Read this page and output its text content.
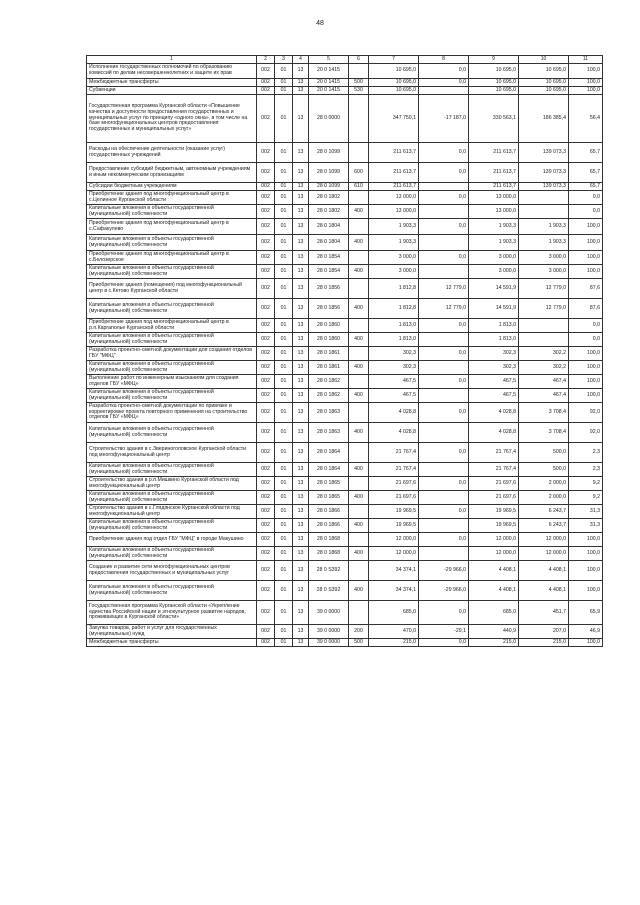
48
1	2	3	4	5	6	7	8	9	10	11
Исполнение государственных полномочий по образованию комиссий по делам несовершеннолетних и защите их прав	002	01	13	20 0 1415		10 695,0	0,0	10 695,0	10 695,0	100,0
Межбюджетные трансферты	002	01	13	20 0 1415	500	10 695,0	0,0	10 695,0	10 695,0	100,0
Субвенции	002	01	13	20 0 1415	530	10 695,0		10 695,0	10 695,0	100,0
Государственная программа Курганской области «Повышение качества и доступности предоставления государственных и муниципальных услуг по принципу «одного окна», в том числе на базе многофункциональных центров предоставления государственных и муниципальных услуг»	002	01	13	28 0 0000		347 750,1	-17 187,0	330 563,1	186 385,4	56,4
Расходы на обеспечение деятельности (оказание услуг) государственных учреждений	002	01	13	28 0 1099		211 613,7	0,0	211 613,7	139 073,3	65,7
Предоставление субсидий бюджетным, автономным учреждениям и иным некоммерческим организациям	002	01	13	28 0 1099	600	211 613,7	0,0	211 613,7	139 073,3	65,7
Субсидии бюджетным учреждениям	002	01	13	28 0 1099	610	211 613,7		211 613,7	139 073,3	65,7
Приобретение здания под многофункциональный центр в с.Целинное Курганской области	002	01	13	28 0 1802		13 000,0	0,0	13 000,0		0,0
Капитальные вложения в объекты государственной (муниципальной) собственности	002	01	13	28 0 1802	400	13 000,0		13 000,0		0,0
Приобретение здания под многофункциональный центр в с.Сафакулево	002	01	13	28 0 1804		1 903,3	0,0	1 903,3	1 903,3	100,0
Капитальные вложения в объекты государственной (муниципальной) собственности	002	01	13	28 0 1804	400	1 903,3		1 903,3	1 903,3	100,0
Приобретение здания под многофункциональный центр в с.Белозерское	002	01	13	28 0 1854		3 000,0	0,0	3 000,0	3 000,0	100,0
Капитальные вложения в объекты государственной (муниципальной) собственности	002	01	13	28 0 1854	400	3 000,0		3 000,0	3 000,0	100,0
Приобретение здания (помещения) под многофункциональный центр в с.Кетово Курганской области	002	01	13	28 0 1856		1 812,8	12 779,0	14 591,9	12 779,0	87,6
Капитальные вложения в объекты государственной (муниципальной) собственности	002	01	13	28 0 1856	400	1 812,8	12 779,0	14 591,9	12 779,0	87,6
Приобретение здания под многофункциональный центр в р.п.Каргаполье Курганской области	002	01	13	28 0 1860		1 813,0	0,0	1 813,0		0,0
Капитальные вложения в объекты государственной (муниципальной) собственности	002	01	13	28 0 1860	400	1 813,0		1 813,0		0,0
Разработка проектно-сметной документации для создания отделов ГБУ "МФЦ"	002	01	13	28 0 1861		302,3	0,0	302,3	302,2	100,0
Капитальные вложения в объекты государственной (муниципальной) собственности	002	01	13	28 0 1861	400	302,3		302,3	302,2	100,0
Выполнение работ по инженерным изысканиям для создания отделов ГБУ «МФЦ»	002	01	13	28 0 1862		467,5	0,0	467,5	467,4	100,0
Капитальные вложения в объекты государственной (муниципальной) собственности	002	01	13	28 0 1862	400	467,5		467,5	467,4	100,0
Разработка проектно-сметной документации по привязке и корректировке проекта повторного применения на строительство отделов ГБУ «МФЦ»	002	01	13	28 0 1863		4 028,8	0,0	4 028,8	3 708,4	92,0
Капитальные вложения в объекты государственной (муниципальной) собственности	002	01	13	28 0 1863	400	4 028,8		4 028,8	3 708,4	92,0
Строительство здания в с.Звериноголовское Курганской области под многофункциональный центр	002	01	13	28 0 1864		21 767,4	0,0	21 767,4	500,0	2,3
Капитальные вложения в объекты государственной (муниципальной) собственности	002	01	13	28 0 1864	400	21 767,4		21 767,4	500,0	2,3
Строительство здания в р.п.Мишкино Курганской области под многофункциональный центр	002	01	13	28 0 1865		21 697,6	0,0	21 697,6	2 000,0	9,2
Капитальные вложения в объекты государственной (муниципальной) собственности	002	01	13	28 0 1865	400	21 697,6		21 697,6	2 000,0	9,2
Строительство здания в с.Глядянское Курганской области под многофункциональный центр	002	01	13	28 0 1866		19 969,5	0,0	19 969,5	6 243,7	31,3
Капитальные вложения в объекты государственной (муниципальной) собственности	002	01	13	28 0 1866	400	19 969,5		19 969,5	6 243,7	31,3
Приобретение здания под отдел ГБУ "МФЦ" в городе Макушино	002	01	13	28 0 1868		12 000,0	0,0	12 000,0	12 000,0	100,0
Капитальные вложения в объекты государственной (муниципальной) собственности	002	01	13	28 0 1868	400	12 000,0		12 000,0	12 000,0	100,0
Создание и развитие сети многофункциональных центров предоставления государственных и муниципальных услуг	002	01	13	28 0 S392		34 374,1	-29 966,0	4 408,1	4 408,1	100,0
Капитальные вложения в объекты государственной (муниципальной) собственности	002	01	13	28 0 S392	400	34 374,1	-29 966,0	4 408,1	4 408,1	100,0
Государственная программа Курганской области «Укрепление единства Российской нации и этнокультурное развитие народов, проживающих в Курганской области»	002	01	13	39 0 0000		685,0	0,0	685,0	451,7	65,9
Закупка товаров, работ и услуг для государственных (муниципальных) нужд	002	01	13	39 0 0000	200	470,0	-29,1	440,9	207,0	46,9
Межбюджетные трансферты	002	01	13	39 0 0000	500	215,0	0,0	215,0	215,0	100,0
